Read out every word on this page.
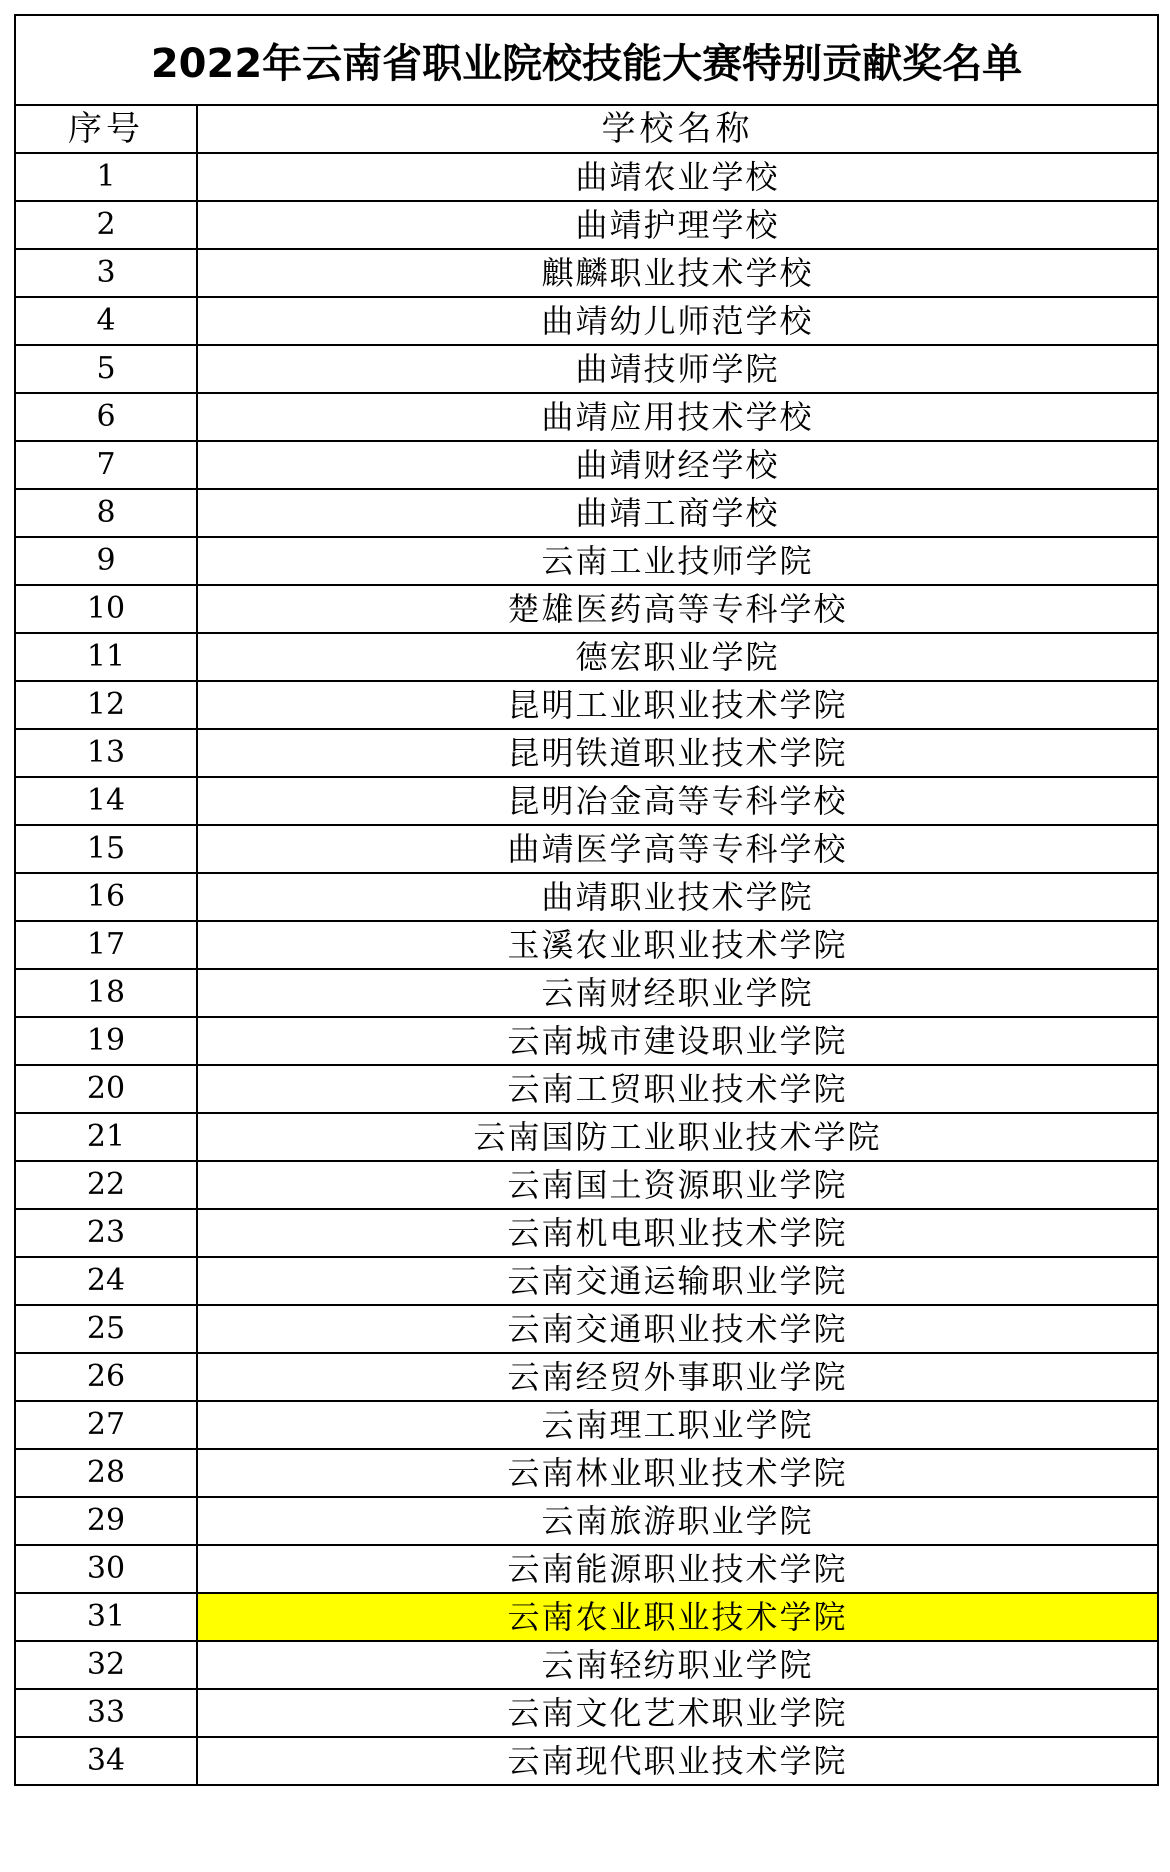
2022年云南省职业院校技能大赛特别贡献奖名单
序号	学校名称
1	曲靖农业学校
2	曲靖护理学校
3	麒麟职业技术学校
4	曲靖幼儿师范学校
5	曲靖技师学院
6	曲靖应用技术学校
7	曲靖财经学校
8	曲靖工商学校
9	云南工业技师学院
10	楚雄医药高等专科学校
11	德宏职业学院
12	昆明工业职业技术学院
13	昆明铁道职业技术学院
14	昆明冶金高等专科学校
15	曲靖医学高等专科学校
16	曲靖职业技术学院
17	玉溪农业职业技术学院
18	云南财经职业学院
19	云南城市建设职业学院
20	云南工贸职业技术学院
21	云南国防工业职业技术学院
22	云南国土资源职业学院
23	云南机电职业技术学院
24	云南交通运输职业学院
25	云南交通职业技术学院
26	云南经贸外事职业学院
27	云南理工职业学院
28	云南林业职业技术学院
29	云南旅游职业学院
30	云南能源职业技术学院
31	云南农业职业技术学院
32	云南轻纺职业学院
33	云南文化艺术职业学院
34	云南现代职业技术学院
